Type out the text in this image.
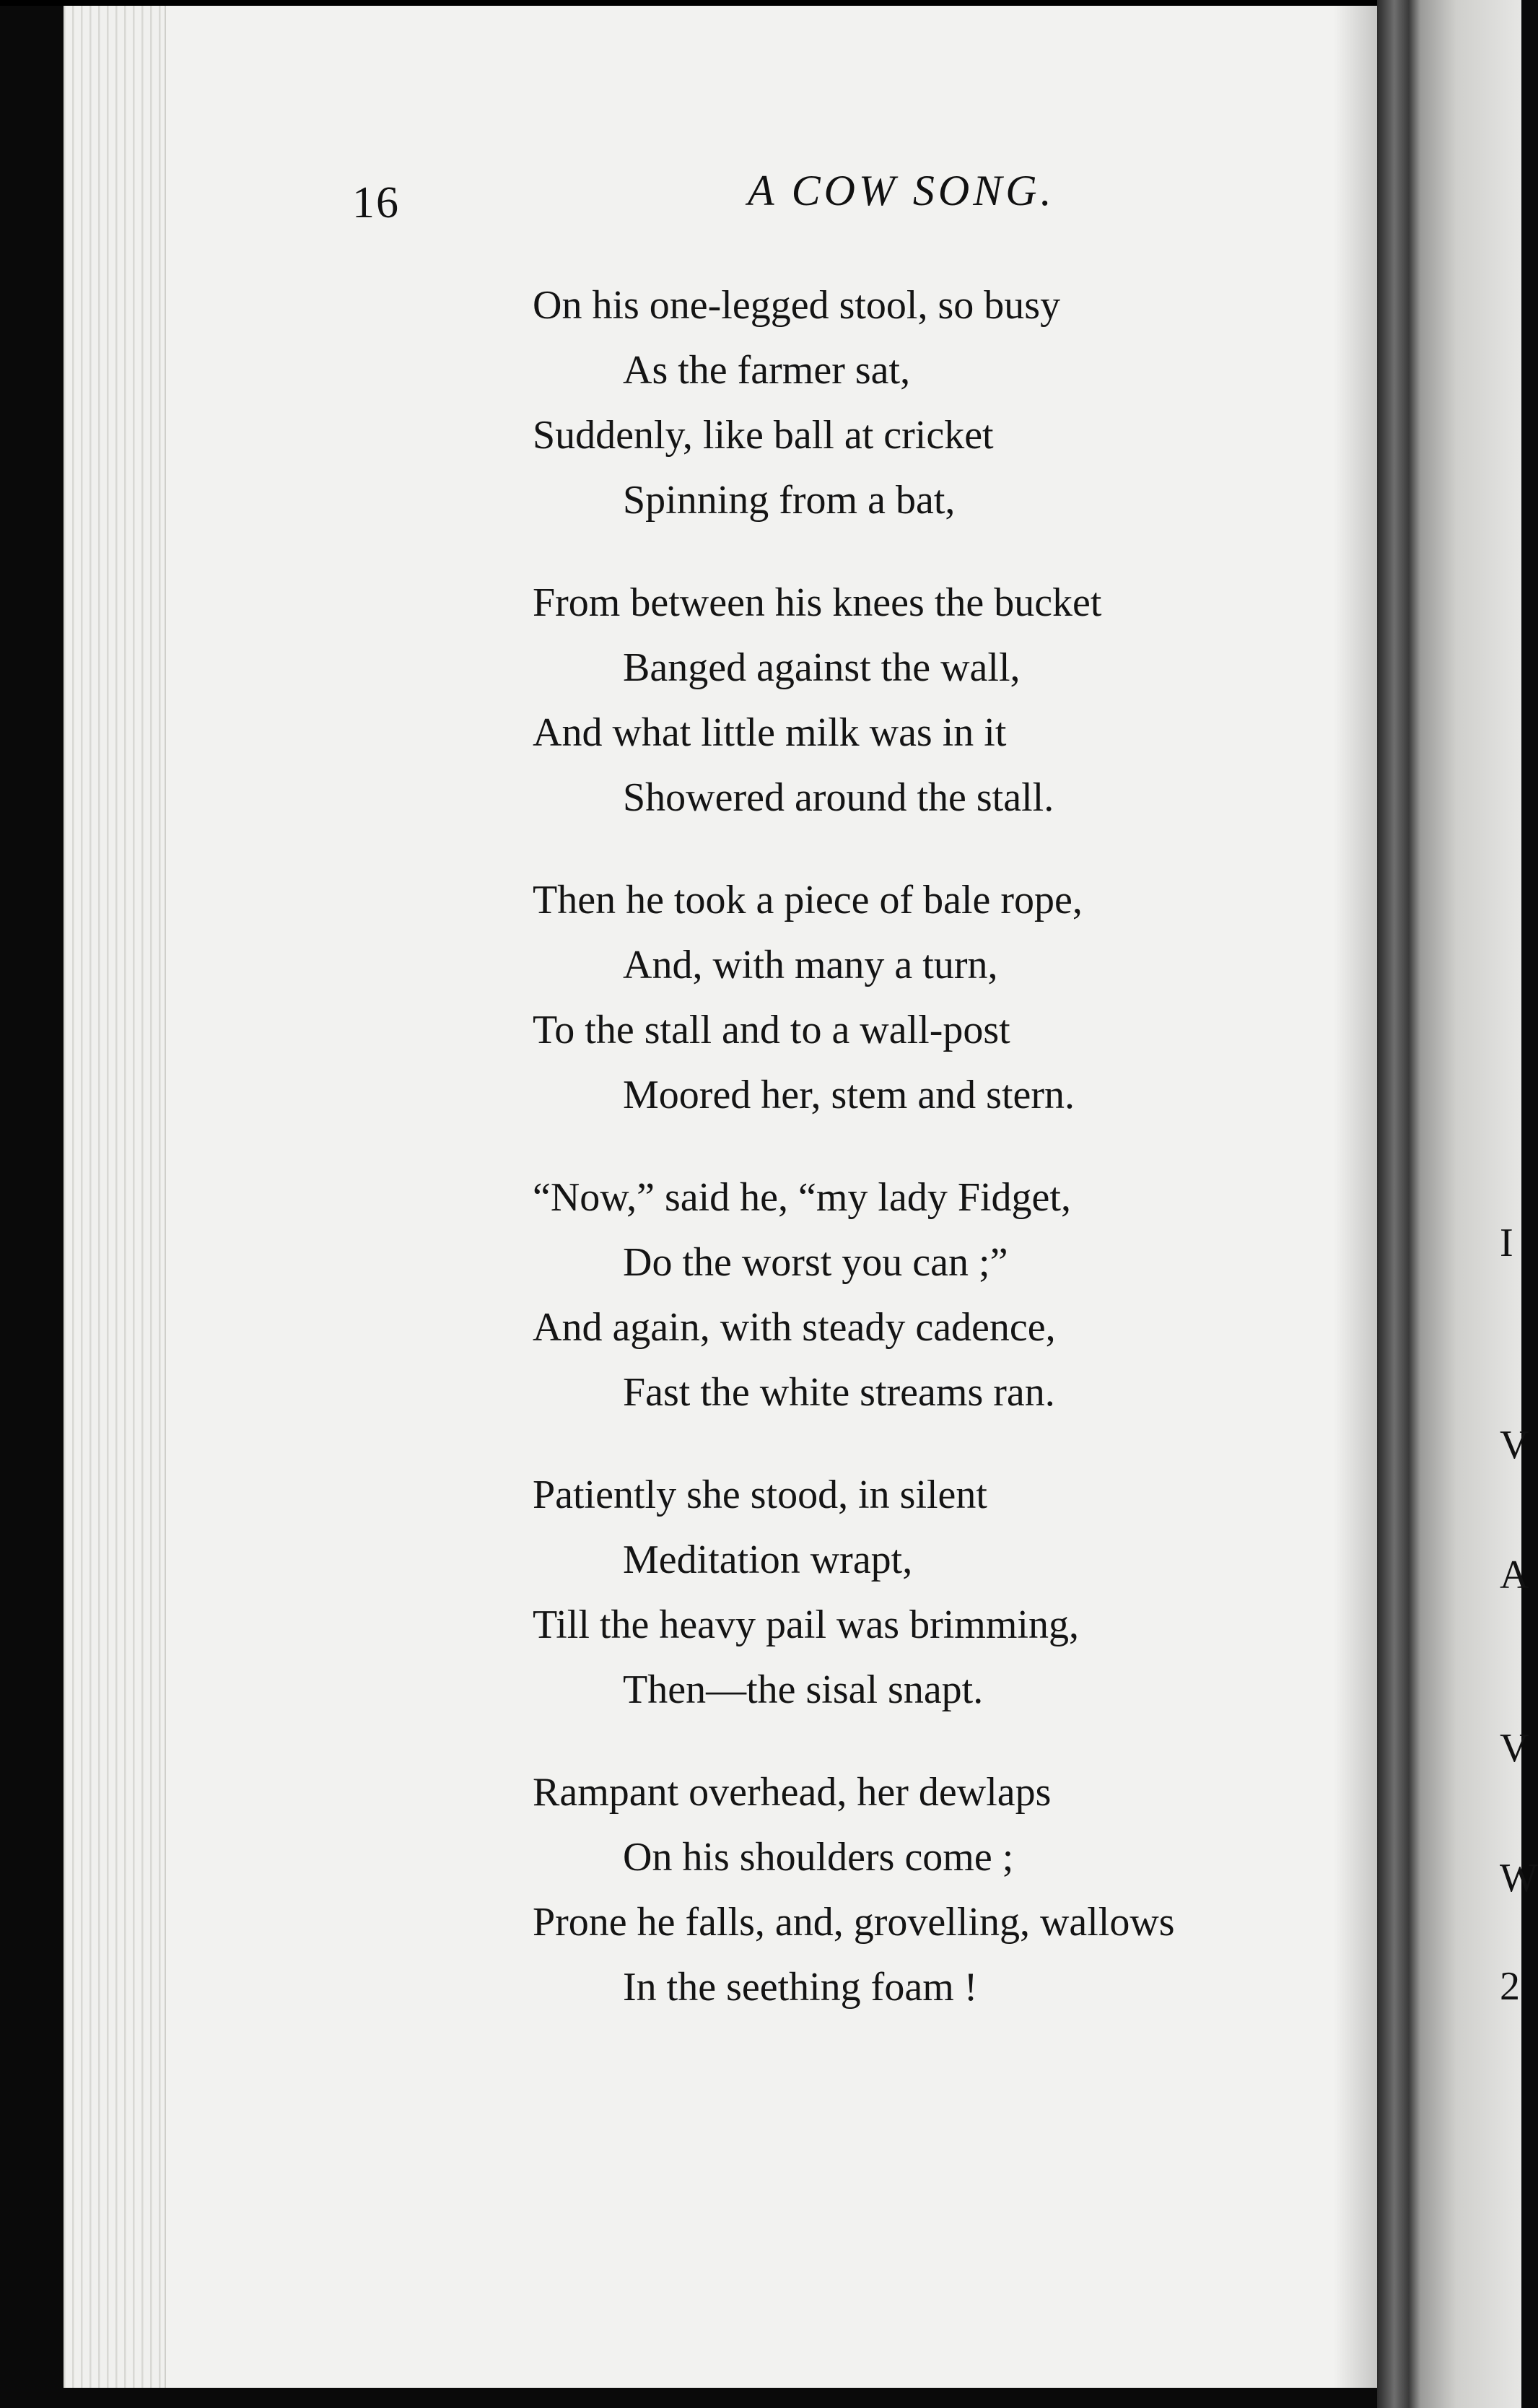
16	A COW SONG.
On his one-legged stool, so busy
As the farmer sat,
Suddenly, like ball at cricket
Spinning from a bat,
From between his knees the bucket
Banged against the wall,
And what little milk was in it
Showered around the stall.
Then he took a piece of bale rope,
And, with many a turn,
To the stall and to a wall-post
Moored her, stem and stern.
“Now,” said he, “my lady Fidget,
Do the worst you can ;”
And again, with steady cadence,
Fast the white streams ran.
Patiently she stood, in silent
Meditation wrapt,
Till the heavy pail was brimming,
Then—the sisal snapt.
Rampant overhead, her dewlaps
On his shoulders come ;
Prone he falls, and, grovelling, wallows
In the seething foam !
I
V
A
V
W
2
